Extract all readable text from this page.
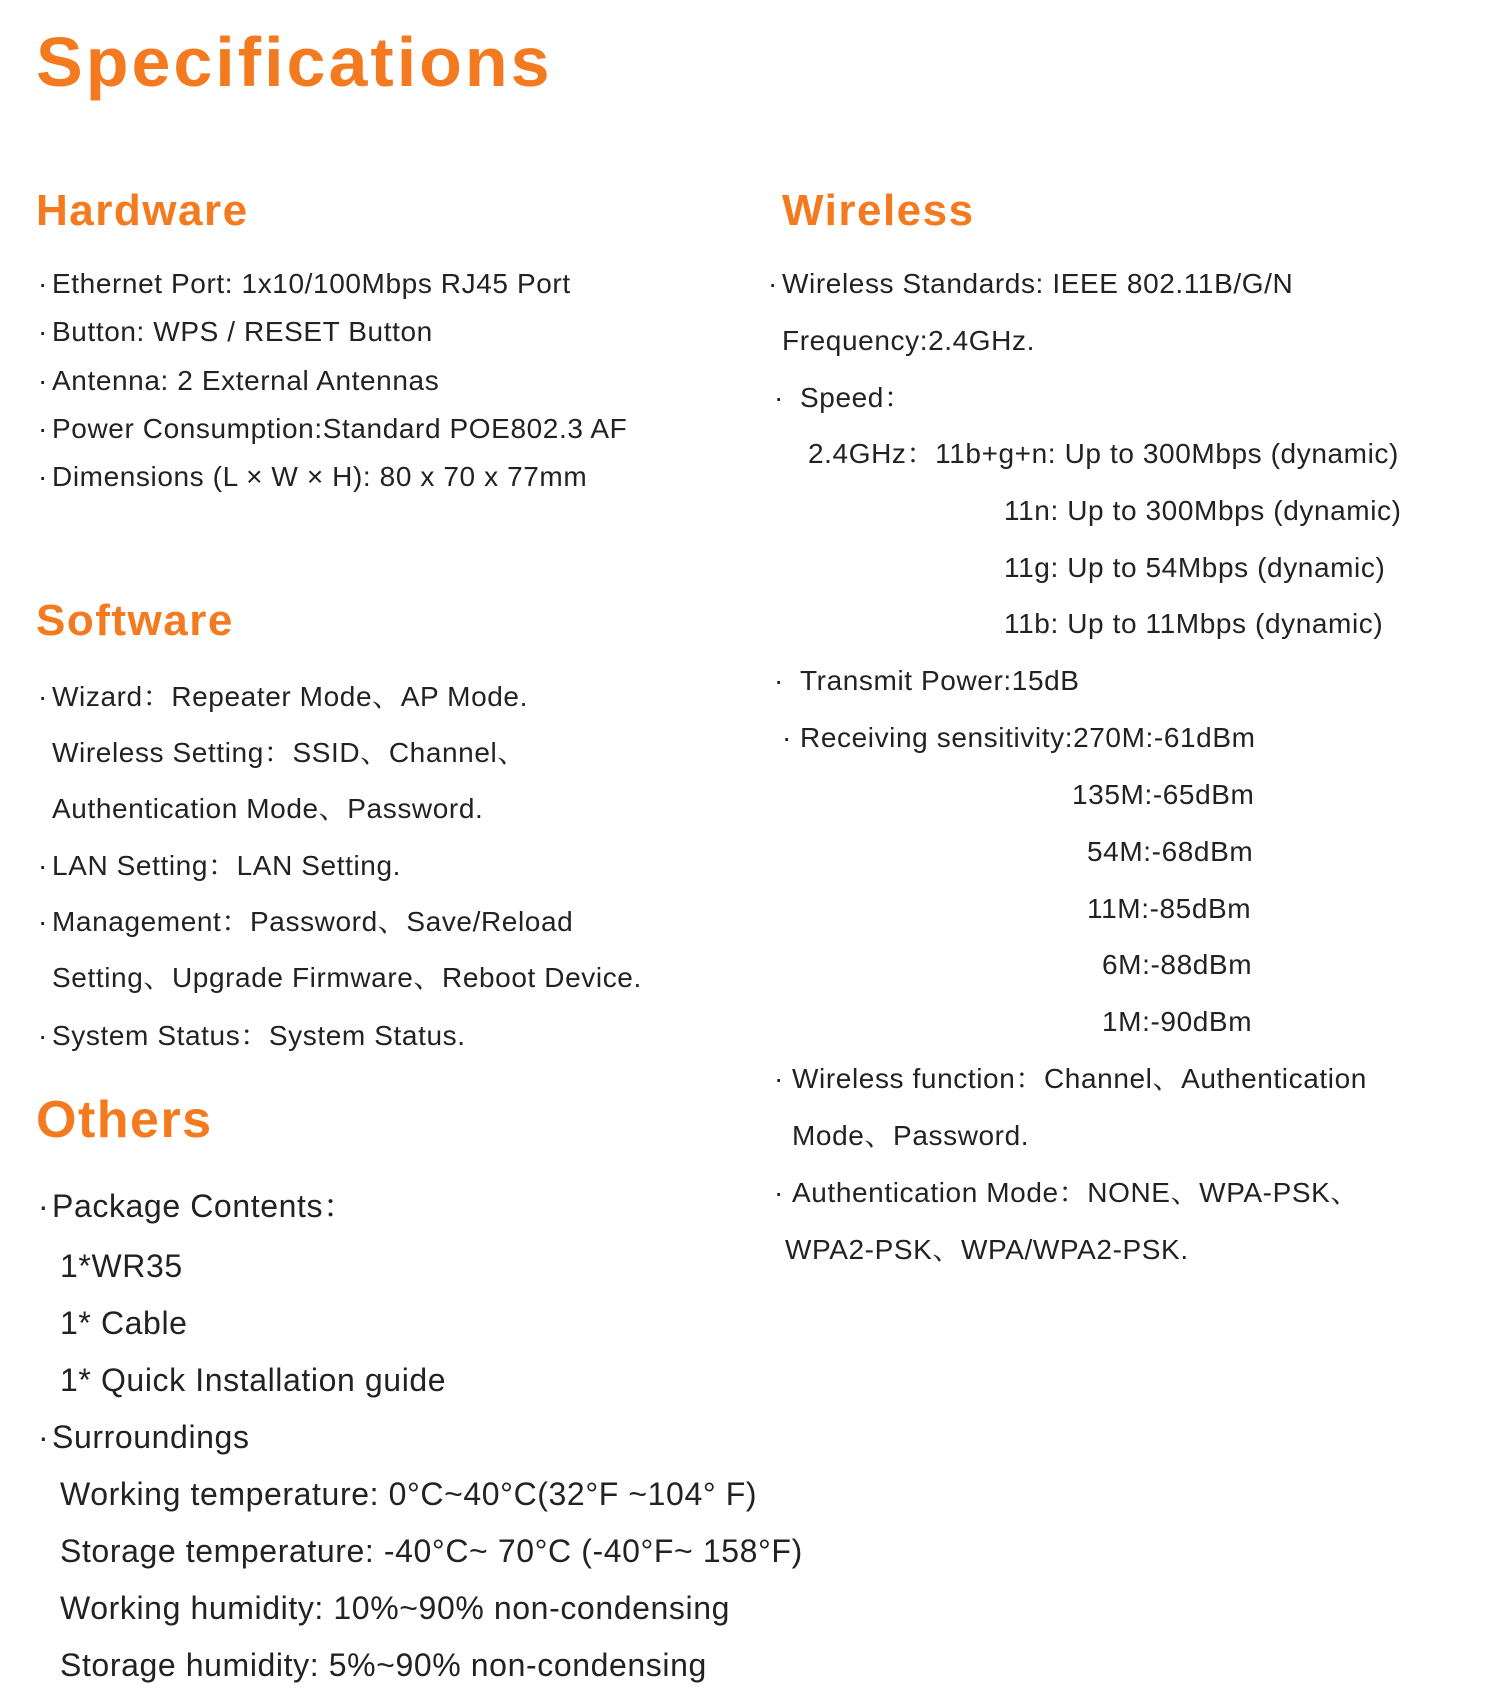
Specifications
Hardware
· Ethernet Port: 1x10/100Mbps RJ45 Port
· Button: WPS / RESET Button
· Antenna: 2 External Antennas
· Power Consumption:Standard POE802.3 AF
· Dimensions (L × W × H): 80 x 70 x 77mm
Software
· Wizard：Repeater Mode、AP Mode.
Wireless Setting：SSID、Channel、
Authentication Mode、Password.
· LAN Setting：LAN Setting.
· Management：Password、Save/Reload
Setting、Upgrade Firmware、Reboot Device.
· System Status：System Status.
Others
·Package Contents：
1*WR35
1* Cable
1* Quick Installation guide
·Surroundings
Working temperature: 0°C~40°C(32°F ~104° F)
Storage temperature: -40°C~ 70°C (-40°F~ 158°F)
Working humidity: 10%~90% non-condensing
Storage humidity: 5%~90% non-condensing
Wireless
· Wireless Standards: IEEE 802.11B/G/N
Frequency:2.4GHz.
· Speed：
2.4GHz：11b+g+n: Up to 300Mbps (dynamic)
11n: Up to 300Mbps (dynamic)
11g: Up to 54Mbps (dynamic)
11b: Up to 11Mbps (dynamic)
· Transmit Power:15dB
· Receiving sensitivity:270M:-61dBm
135M:-65dBm
54M:-68dBm
11M:-85dBm
6M:-88dBm
1M:-90dBm
· Wireless function：Channel、Authentication
Mode、Password.
· Authentication Mode：NONE、WPA-PSK、
WPA2-PSK、WPA/WPA2-PSK.
